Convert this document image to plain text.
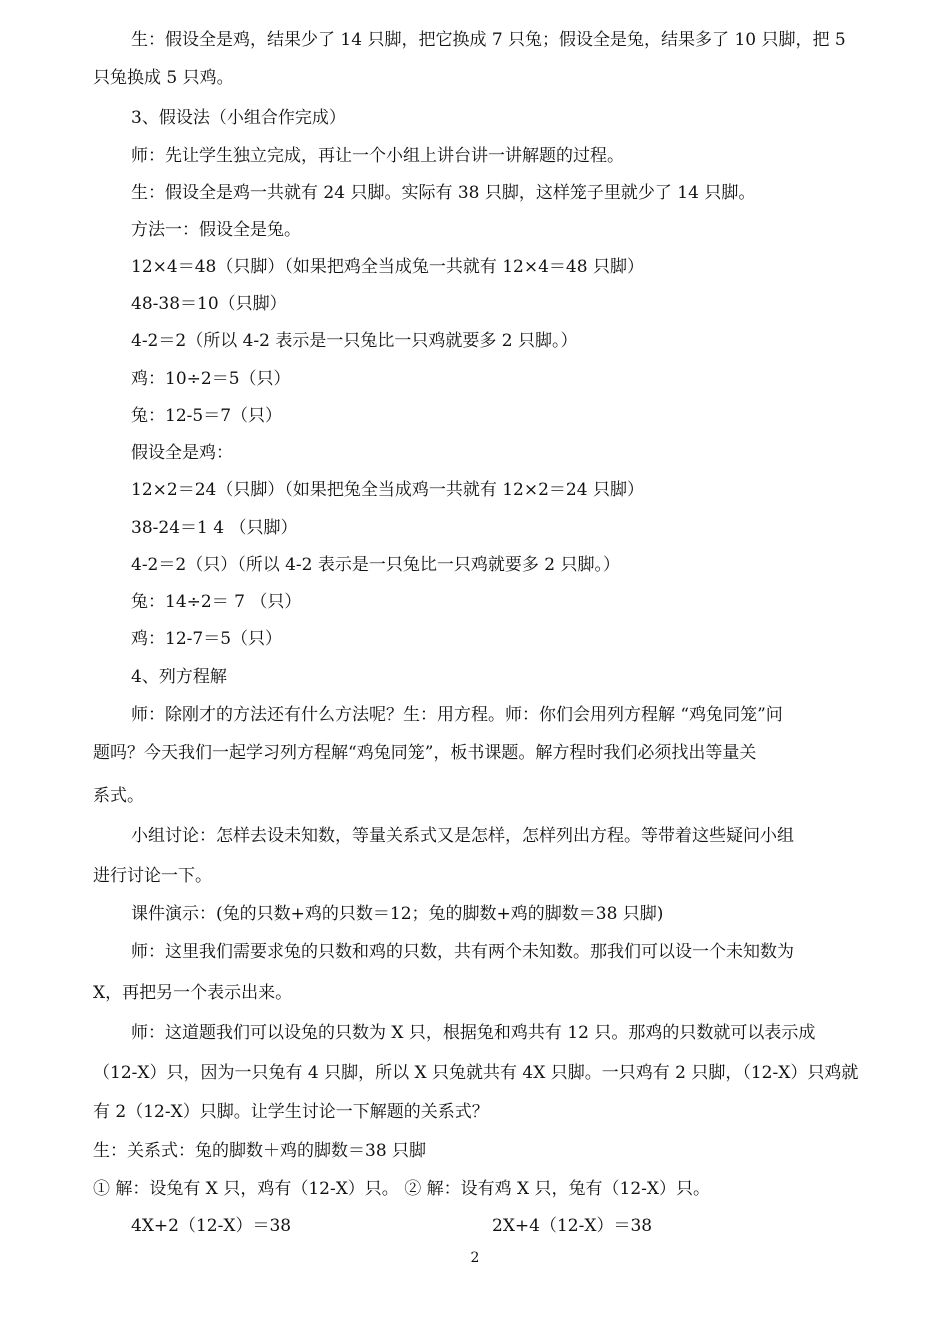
生：假设全是鸡，结果少了 14 只脚，把它换成 7 只兔；假设全是兔，结果多了 10 只脚，把 5
只兔换成 5 只鸡。
3、假设法（小组合作完成）
师：先让学生独立完成，再让一个小组上讲台讲一讲解题的过程。
生：假设全是鸡一共就有 24 只脚。实际有 38 只脚，这样笼子里就少了 14 只脚。
方法一：假设全是兔。
12×4＝48（只脚）（如果把鸡全当成兔一共就有 12×4＝48 只脚）
48-38＝10（只脚）
4-2＝2（所以 4-2 表示是一只兔比一只鸡就要多 2 只脚。）
鸡：10÷2＝5（只）
兔：12-5＝7（只）
假设全是鸡：
12×2＝24（只脚）（如果把兔全当成鸡一共就有 12×2＝24 只脚）
38-24＝1 4 （只脚）
4-2＝2（只）（所以 4-2 表示是一只兔比一只鸡就要多 2 只脚。）
兔：14÷2＝ 7 （只）
鸡：12-7＝5（只）
4、列方程解
师：除刚才的方法还有什么方法呢？生：用方程。师：你们会用列方程解 “鸡兔同笼”问
题吗？今天我们一起学习列方程解“鸡兔同笼”，板书课题。解方程时我们必须找出等量关
系式。
小组讨论：怎样去设未知数，等量关系式又是怎样，怎样列出方程。等带着这些疑问小组
进行讨论一下。
课件演示：(兔的只数+鸡的只数＝12；兔的脚数+鸡的脚数＝38 只脚)
师：这里我们需要求兔的只数和鸡的只数，共有两个未知数。那我们可以设一个未知数为
X，再把另一个表示出来。
师：这道题我们可以设兔的只数为 X 只，根据兔和鸡共有 12 只。那鸡的只数就可以表示成
（12-X）只，因为一只兔有 4 只脚，所以 X 只兔就共有 4X 只脚。一只鸡有 2 只脚，（12-X）只鸡就
有 2（12-X）只脚。让学生讨论一下解题的关系式？
生：关系式：兔的脚数＋鸡的脚数＝38 只脚
① 解：设兔有 X 只，鸡有（12-X）只。 ② 解：设有鸡 X 只，兔有（12-X）只。
4X+2（12-X）＝38	2X+4（12-X）＝38
2
